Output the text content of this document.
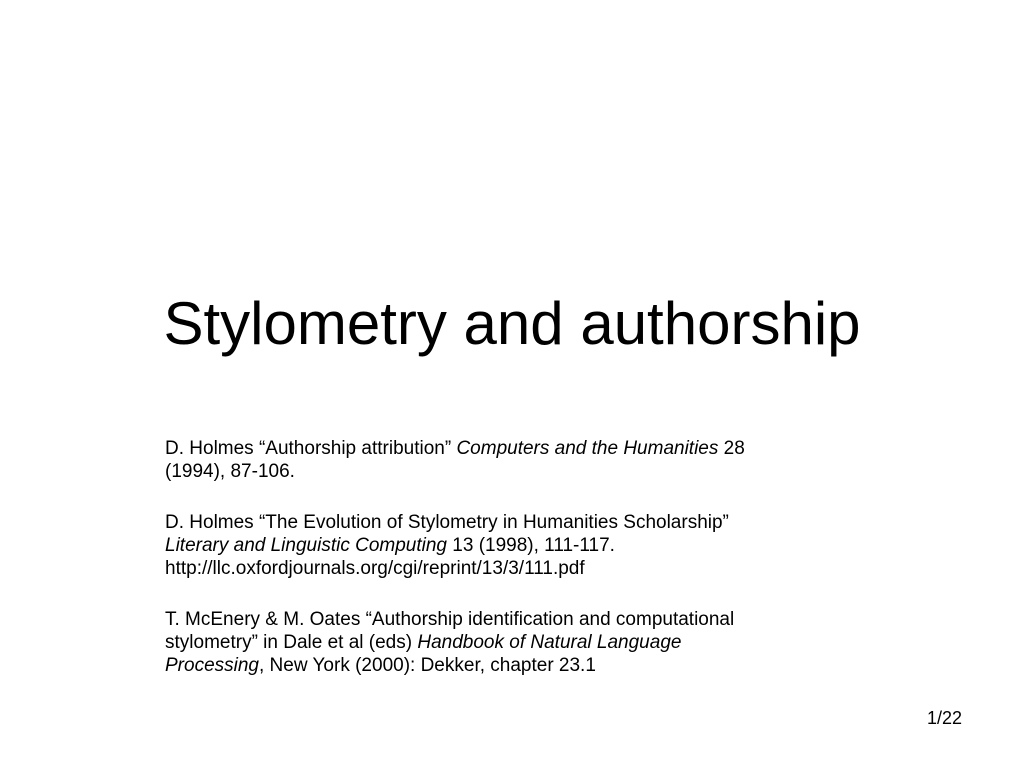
Stylometry and authorship
D. Holmes “Authorship attribution” Computers and the Humanities 28
(1994), 87-106.
D. Holmes “The Evolution of Stylometry in Humanities Scholarship”
Literary and Linguistic Computing 13 (1998), 111-117.
http://llc.oxfordjournals.org/cgi/reprint/13/3/111.pdf
T. McEnery & M. Oates “Authorship identification and computational
stylometry” in Dale et al (eds) Handbook of Natural Language
Processing, New York (2000): Dekker, chapter 23.1
1/22
